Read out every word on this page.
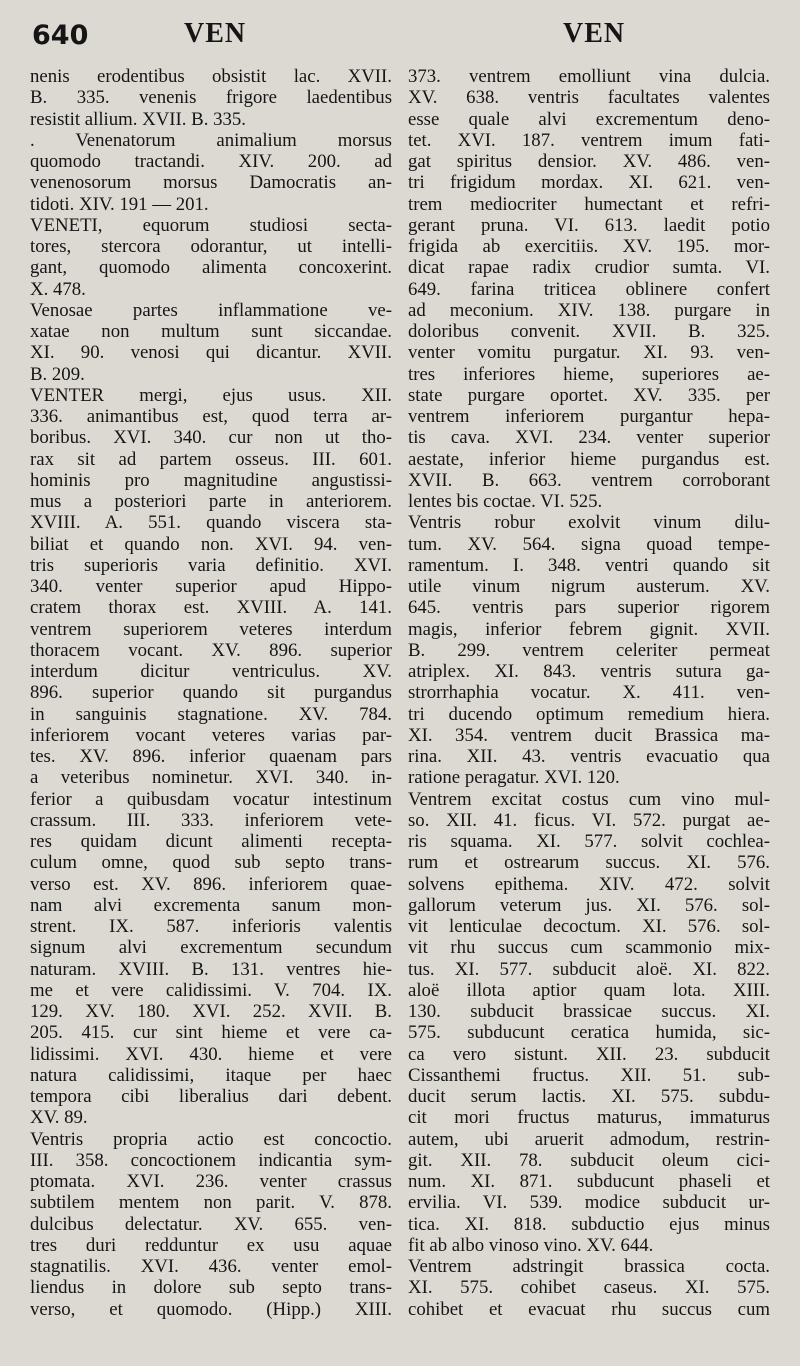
640	VEN	VEN
nenis erodentibus obsistit lac. XVII.
B. 335. venenis frigore laedentibus
resistit allium. XVII. B. 335.
. Venenatorum animalium morsus
quomodo tractandi. XIV. 200. ad
venenosorum morsus Damocratis an-
tidoti. XIV. 191 — 201.
VENETI, equorum studiosi secta-
tores, stercora odorantur, ut intelli-
gant, quomodo alimenta concoxerint.
X. 478.
Venosae partes inflammatione ve-
xatae non multum sunt siccandae.
XI. 90. venosi qui dicantur. XVII.
B. 209.
VENTER mergi, ejus usus. XII.
336. animantibus est, quod terra ar-
boribus. XVI. 340. cur non ut tho-
rax sit ad partem osseus. III. 601.
hominis pro magnitudine angustissi-
mus a posteriori parte in anteriorem.
XVIII. A. 551. quando viscera sta-
biliat et quando non. XVI. 94. ven-
tris superioris varia definitio. XVI.
340. venter superior apud Hippo-
cratem thorax est. XVIII. A. 141.
ventrem superiorem veteres interdum
thoracem vocant. XV. 896. superior
interdum dicitur ventriculus. XV.
896. superior quando sit purgandus
in sanguinis stagnatione. XV. 784.
inferiorem vocant veteres varias par-
tes. XV. 896. inferior quaenam pars
a veteribus nominetur. XVI. 340. in-
ferior a quibusdam vocatur intestinum
crassum. III. 333. inferiorem vete-
res quidam dicunt alimenti recepta-
culum omne, quod sub septo trans-
verso est. XV. 896. inferiorem quae-
nam alvi excrementa sanum mon-
strent. IX. 587. inferioris valentis
signum alvi excrementum secundum
naturam. XVIII. B. 131. ventres hie-
me et vere calidissimi. V. 704. IX.
129. XV. 180. XVI. 252. XVII. B.
205. 415. cur sint hieme et vere ca-
lidissimi. XVI. 430. hieme et vere
natura calidissimi, itaque per haec
tempora cibi liberalius dari debent.
XV. 89.
Ventris propria actio est concoctio.
III. 358. concoctionem indicantia sym-
ptomata. XVI. 236. venter crassus
subtilem mentem non parit. V. 878.
dulcibus delectatur. XV. 655. ven-
tres duri redduntur ex usu aquae
stagnatilis. XVI. 436. venter emol-
liendus in dolore sub septo trans-
verso, et quomodo. (Hipp.) XIII.
373. ventrem emolliunt vina dulcia.
XV. 638. ventris facultates valentes
esse quale alvi excrementum deno-
tet. XVI. 187. ventrem imum fati-
gat spiritus densior. XV. 486. ven-
tri frigidum mordax. XI. 621. ven-
trem mediocriter humectant et refri-
gerant pruna. VI. 613. laedit potio
frigida ab exercitiis. XV. 195. mor-
dicat rapae radix crudior sumta. VI.
649. farina triticea oblinere confert
ad meconium. XIV. 138. purgare in
doloribus convenit. XVII. B. 325.
venter vomitu purgatur. XI. 93. ven-
tres inferiores hieme, superiores ae-
state purgare oportet. XV. 335. per
ventrem inferiorem purgantur hepa-
tis cava. XVI. 234. venter superior
aestate, inferior hieme purgandus est.
XVII. B. 663. ventrem corroborant
lentes bis coctae. VI. 525.
Ventris robur exolvit vinum dilu-
tum. XV. 564. signa quoad tempe-
ramentum. I. 348. ventri quando sit
utile vinum nigrum austerum. XV.
645. ventris pars superior rigorem
magis, inferior febrem gignit. XVII.
B. 299. ventrem celeriter permeat
atriplex. XI. 843. ventris sutura ga-
strorrhaphia vocatur. X. 411. ven-
tri ducendo optimum remedium hiera.
XI. 354. ventrem ducit Brassica ma-
rina. XII. 43. ventris evacuatio qua
ratione peragatur. XVI. 120.
Ventrem excitat costus cum vino mul-
so. XII. 41. ficus. VI. 572. purgat ae-
ris squama. XI. 577. solvit cochlea-
rum et ostrearum succus. XI. 576.
solvens epithema. XIV. 472. solvit
gallorum veterum jus. XI. 576. sol-
vit lenticulae decoctum. XI. 576. sol-
vit rhu succus cum scammonio mix-
tus. XI. 577. subducit aloë. XI. 822.
aloë illota aptior quam lota. XIII.
130. subducit brassicae succus. XI.
575. subducunt ceratica humida, sic-
ca vero sistunt. XII. 23. subducit
Cissanthemi fructus. XII. 51. sub-
ducit serum lactis. XI. 575. subdu-
cit mori fructus maturus, immaturus
autem, ubi aruerit admodum, restrin-
git. XII. 78. subducit oleum cici-
num. XI. 871. subducunt phaseli et
ervilia. VI. 539. modice subducit ur-
tica. XI. 818. subductio ejus minus
fit ab albo vinoso vino. XV. 644.
Ventrem adstringit brassica cocta.
XI. 575. cohibet caseus. XI. 575.
cohibet et evacuat rhu succus cum
